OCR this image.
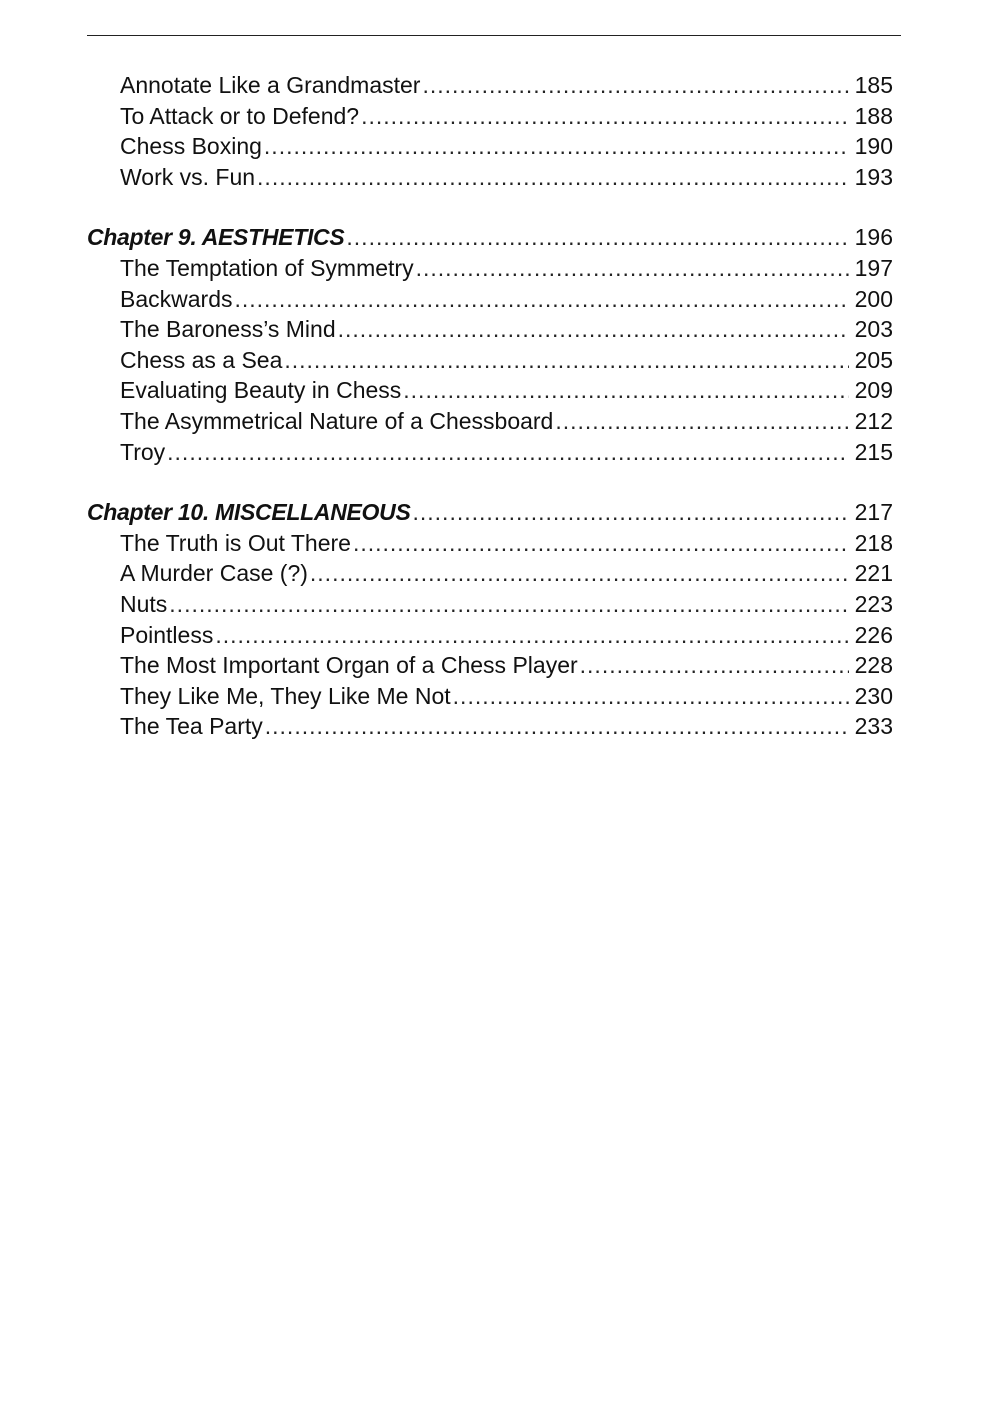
Annotate Like a Grandmaster .....	185
To Attack or to Defend? .....	188
Chess Boxing .....	190
Work vs. Fun .....	193
Chapter 9. AESTHETICS .....	196
The Temptation of Symmetry .....	197
Backwards .....	200
The Baroness’s Mind .....	203
Chess as a Sea .....	205
Evaluating Beauty in Chess .....	209
The Asymmetrical Nature of a Chessboard .....	212
Troy .....	215
Chapter 10. MISCELLANEOUS .....	217
The Truth is Out There .....	218
A Murder Case (?) .....	221
Nuts .....	223
Pointless .....	226
The Most Important Organ of a Chess Player .....	228
They Like Me, They Like Me Not .....	230
The Tea Party .....	233
